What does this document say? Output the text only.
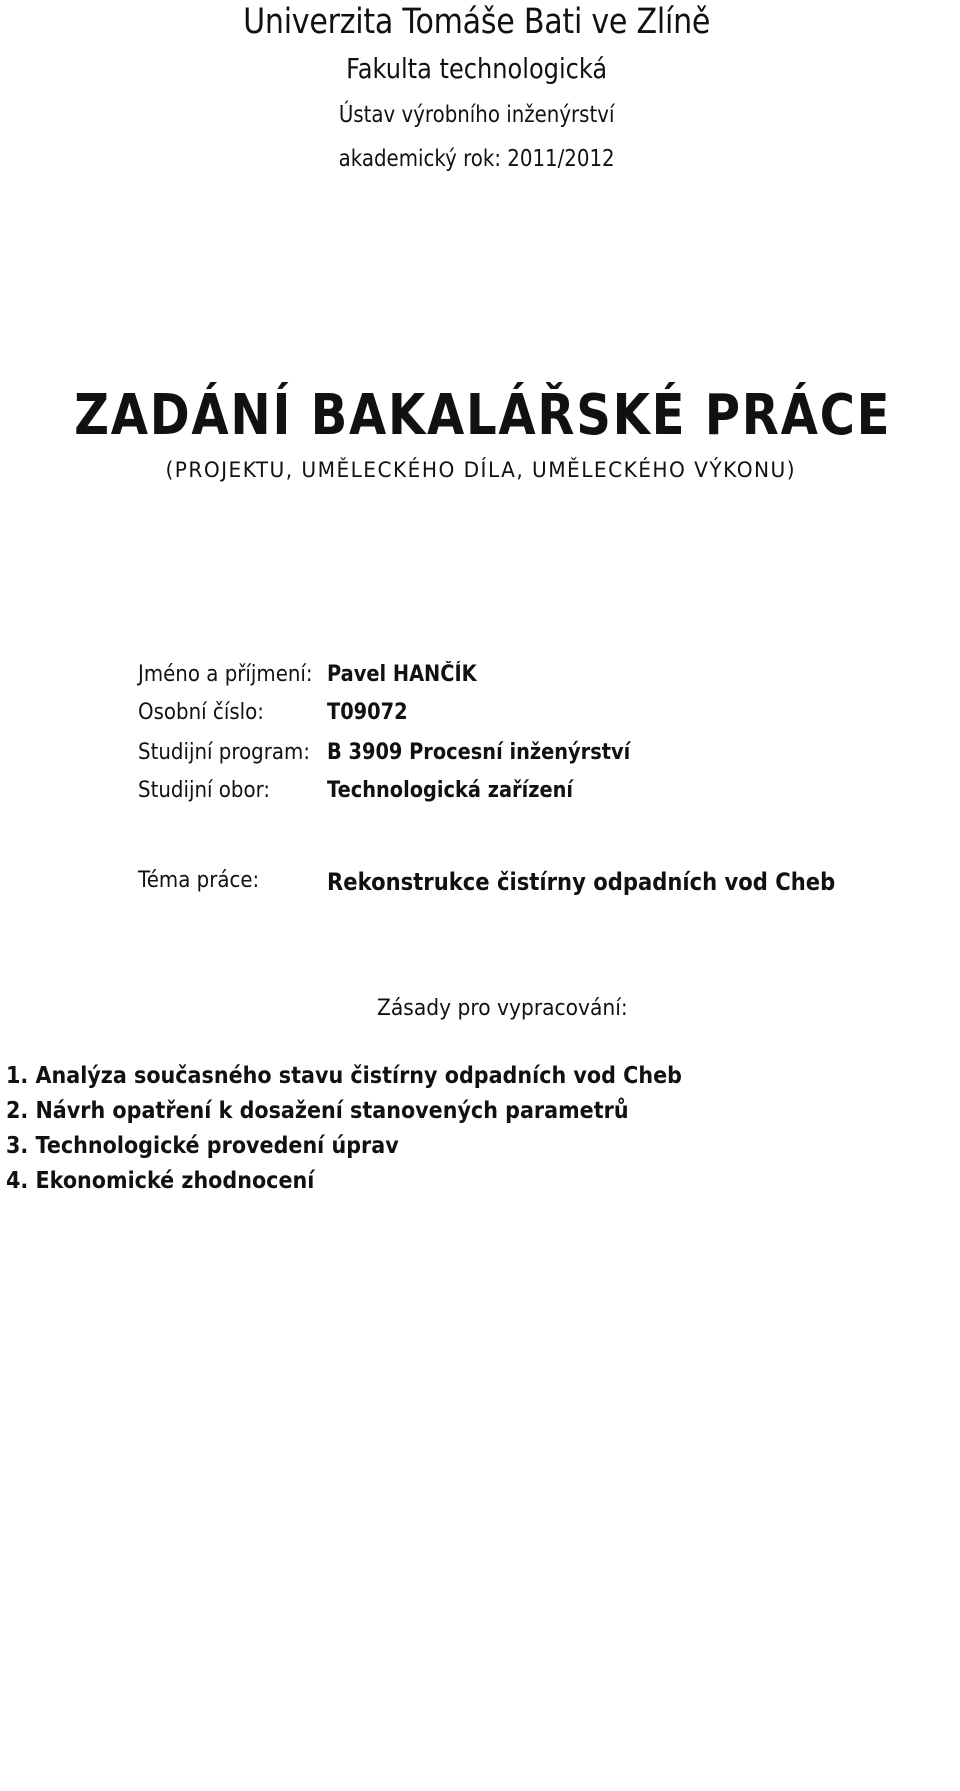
Univerzita Tomáše Bati ve Zlíně

Fakulta technologická

Ústav výrobního inženýrství

akademický rok: 2011/2012

ZADÁNÍ BAKALÁŘSKÉ PRÁCE
(PROJEKTU, UMĚLECKÉHO DÍLA, UMĚLECKÉHO VÝKONU)
Jméno a příjmení: Pavel HANČÍK
Osobní číslo:	T09072
Studijní program: B 3909 Procesní inženýrství
Studijní obor:	Technologická zařízení
Téma práce:	Rekonstrukce čistírny odpadních vod Cheb
Zásady pro vypracování:
1. Analýza současného stavu čistírny odpadních vod Cheb
2. Návrh opatření k dosažení stanovených parametrů
3. Technologické provedení úprav
4. Ekonomické zhodnocení
